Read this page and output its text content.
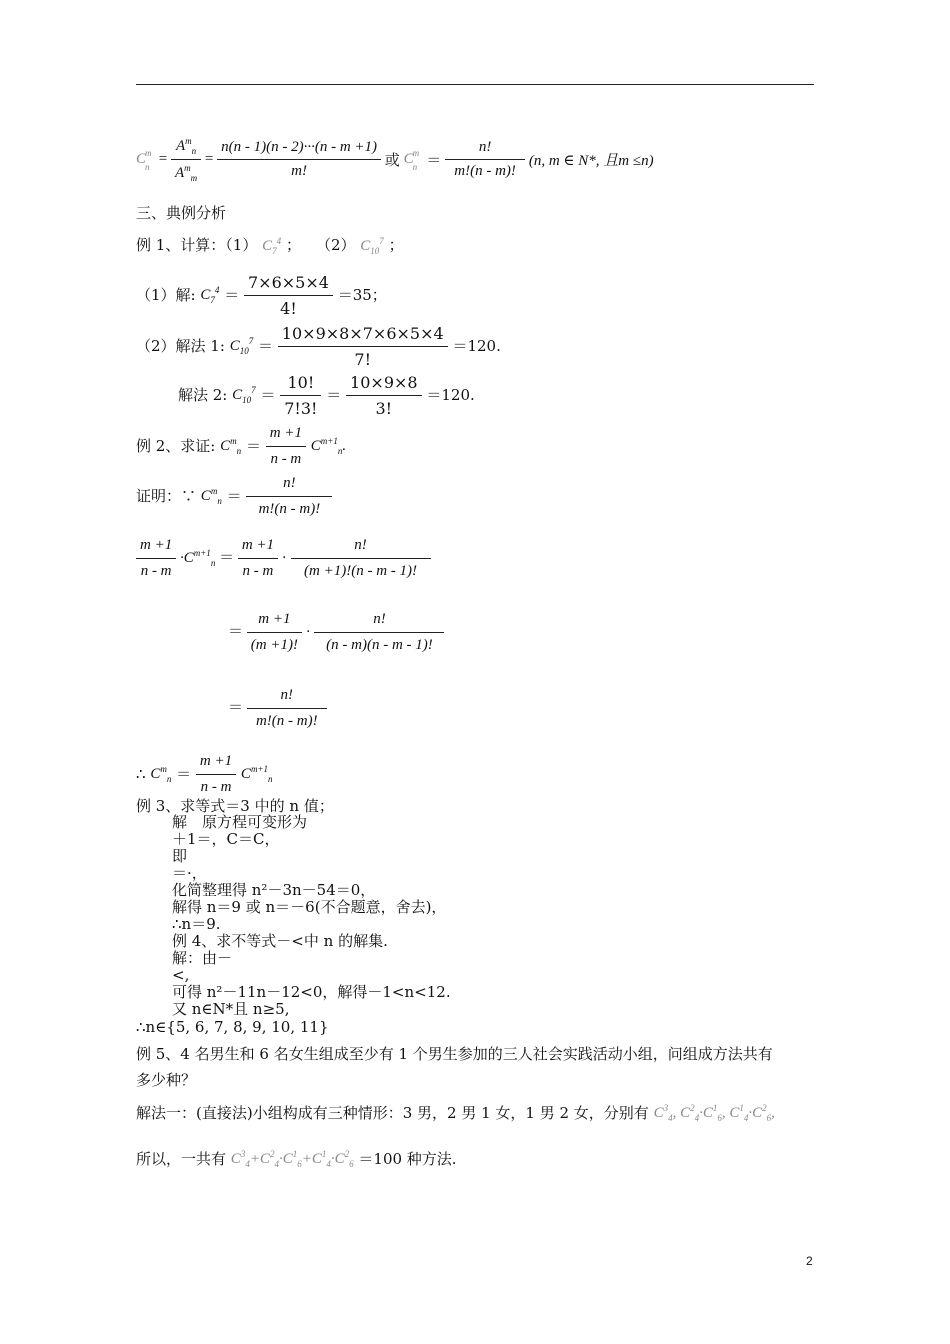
C m
$n = \frac{A^m_n}{A^m_m} = \frac{n(n - 1)(n - 2)\cdot\cdot\cdot(n - m +1)}{m!}$ 或 C m
$n = \frac{n!}{m!(n - m)!} (n$, m ∈ N*, 且m ≤n)
三、典例分析
例 1、计算：（1） $C_7^4$ ；　　（2） $C_{10}^7$ ；
（1）解: $C_7^4 = \frac{7\times 6\times 5\times 4}{4!} =35$；
（2）解法 1: $C_{10}^7 = \frac{10\times 9\times 8\times 7\times 6\times 5\times 4}{7!} =120$.
解法 2: $C_{10}^7 = \frac{10!}{7!3!} = \frac{10\times 9\times 8}{3!} =120$.
例 2、求证: $C^m_n = \frac{m +1}{n - m} C^{m+1}_n$.
证明：∵ $C^m_n = \frac{n!}{m!(n - m)!}$
$\frac{m +1}{n - m} \cdot C^{m+1}_n = \frac{m +1}{n - m} \cdot \frac{n!}{(m +1)!(n - m - 1)!}$
＝ $\frac{m +1}{(m +1)!} \cdot \frac{n!}{(n - m)(n - m - 1)!}$
＝ $\frac{n!}{m!(n - m)!}$
∴ $C^m_n = \frac{m +1}{n - m} C^{m+1}_n$
例 3、求等式＝3 中的 n 值；
解　原方程可变形为
＋1＝，C＝C，
即
＝·，
化简整理得 n²－3n－54＝0，
解得 n＝9 或 n＝－6(不合题意，舍去)，
∴n＝9.
例 4、求不等式－<中 n 的解集.
解：由－
<,
可得 n²－11n－12<0，解得－1<n<12.
又 n∈N*且 n≥5,
∴n∈{5, 6, 7, 8, 9, 10, 11}
例 5、4 名男生和 6 名女生组成至少有 1 个男生参加的三人社会实践活动小组，问组成方法共有
多少种？
解法一：(直接法)小组构成有三种情形：3 男，2 男 1 女，1 男 2 女，分别有 $C^3_4$, $C^2_4\cdot C^1_6$, $C^1_4\cdot C^2_6$,
所以，一共有 $C^3_4+C^2_4\cdot C^1_6+C^1_4\cdot C^2_6 =100$ 种方法.
2
